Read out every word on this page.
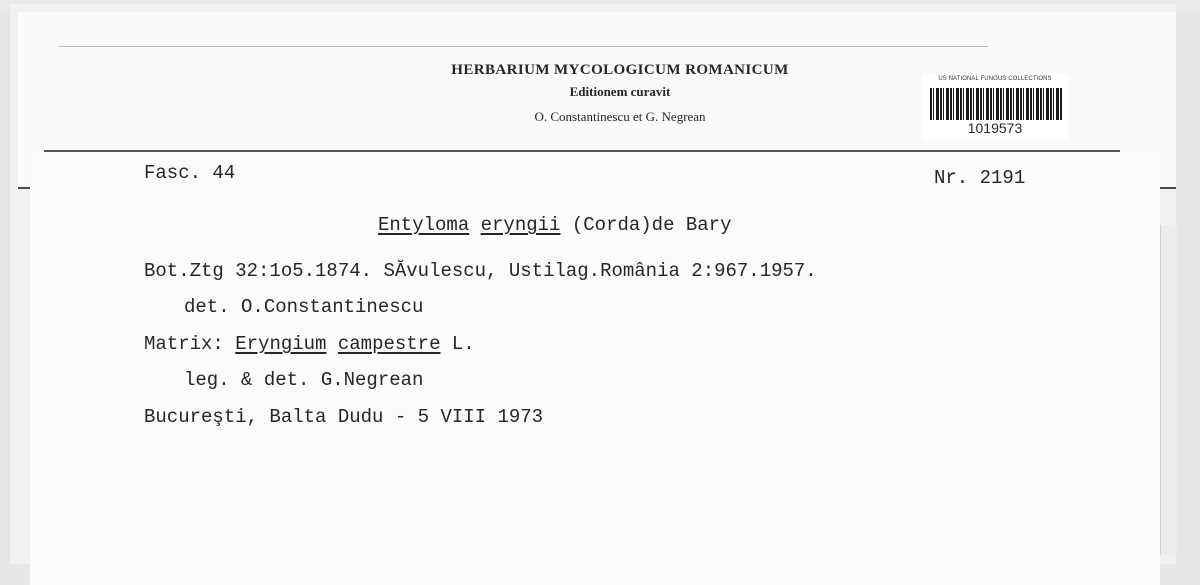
HERBARIUM MYCOLOGICUM ROMANICUM
Editionem curavit
O. Constantinescu et G. Negrean
US NATIONAL FUNGUS COLLECTIONS
1019573
Fasc. 44	Nr. 2191
Entyloma eryngii (Corda)de Bary
Bot.Ztg 32:1o5.1874. SĂvulescu, Ustilag.România 2:967.1957.
det. O.Constantinescu
Matrix: Eryngium campestre L.
leg. & det. G.Negrean
Bucureşti, Balta Dudu - 5 VIII 1973
